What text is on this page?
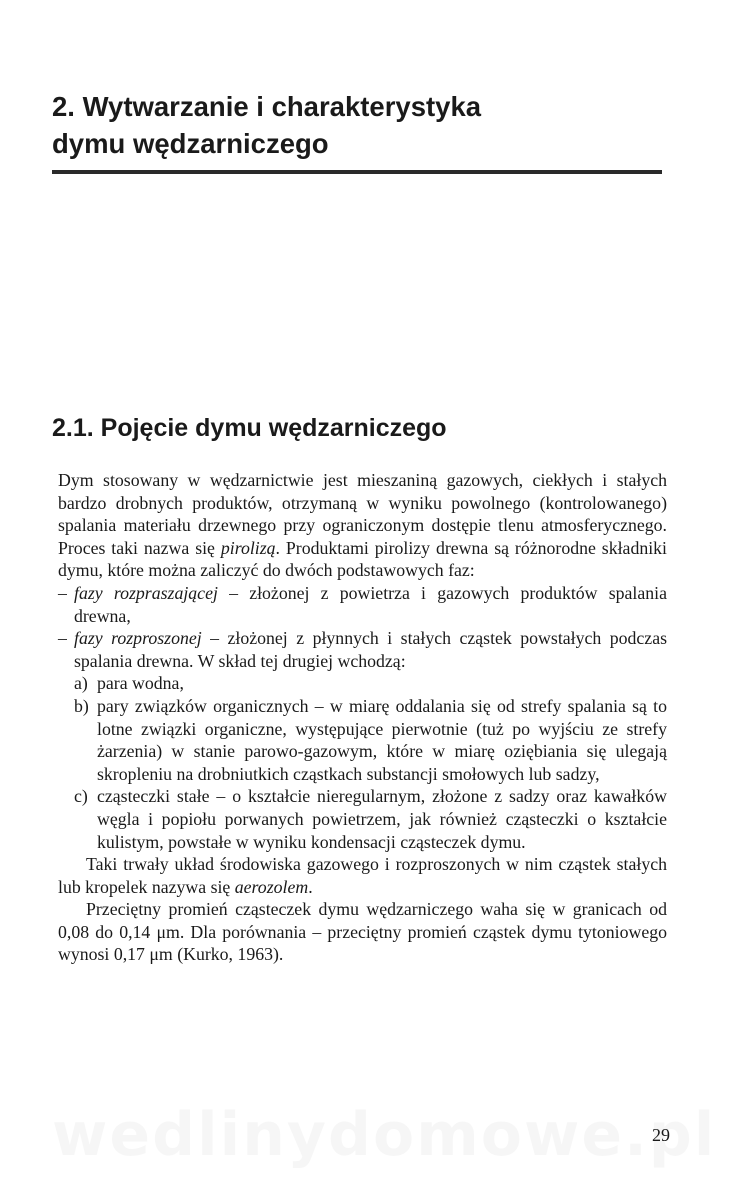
2. Wytwarzanie i charakterystyka
dymu wędzarniczego
2.1. Pojęcie dymu wędzarniczego

Dym stosowany w wędzarnictwie jest mieszaniną gazowych, ciekłych i stałych bardzo drobnych produktów, otrzymaną w wyniku powolnego (kontrolowanego) spalania materiału drzewnego przy ograniczonym dostępie tlenu atmosferycznego. Proces taki nazwa się pirolizą. Produktami pirolizy drewna są różnorodne składniki dymu, które można zaliczyć do dwóch podstawowych faz:

– fazy rozpraszającej – złożonej z powietrza i gazowych produktów spalania drewna,
– fazy rozproszonej – złożonej z płynnych i stałych cząstek powstałych podczas spalania drewna. W skład tej drugiej wchodzą:
a) para wodna,
b) pary związków organicznych – w miarę oddalania się od strefy spalania są to lotne związki organiczne, występujące pierwotnie (tuż po wyjściu ze strefy żarzenia) w stanie parowo-gazowym, które w miarę oziębiania się ulegają skropleniu na drobniutkich cząstkach substancji smołowych lub sadzy,
c) cząsteczki stałe – o kształcie nieregularnym, złożone z sadzy oraz kawałków węgla i popiołu porwanych powietrzem, jak również cząsteczki o kształcie kulistym, powstałe w wyniku kondensacji cząsteczek dymu.

Taki trwały układ środowiska gazowego i rozproszonych w nim cząstek stałych lub kropelek nazywa się aerozolem.

Przeciętny promień cząsteczek dymu wędzarniczego waha się w granicach od 0,08 do 0,14 μm. Dla porównania – przeciętny promień cząstek dymu tytoniowego wynosi 0,17 μm (Kurko, 1963).

29
